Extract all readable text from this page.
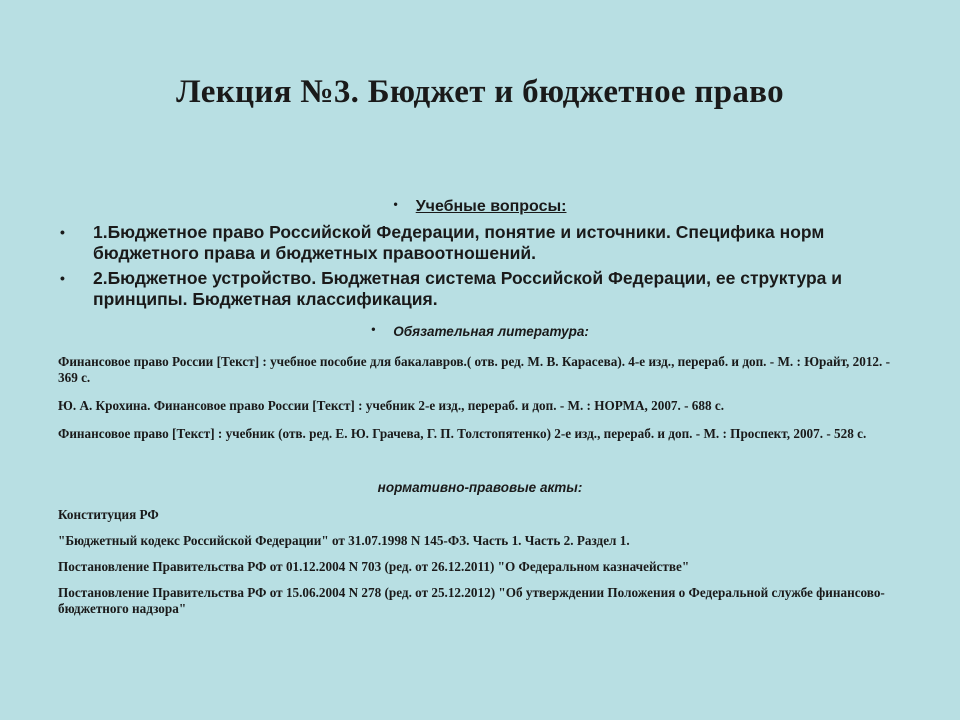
Лекция №3. Бюджет и бюджетное право
• Учебные вопросы:
• 1.Бюджетное право Российской Федерации, понятие и источники. Специфика норм бюджетного права и бюджетных правоотношений.
• 2.Бюджетное устройство. Бюджетная система Российской Федерации, ее структура и принципы. Бюджетная классификация.
• Обязательная литература:

Финансовое право России [Текст] : учебное пособие для бакалавров.( отв. ред. М. В. Карасева). 4-е изд., перераб. и доп. - М. : Юрайт, 2012. - 369 с.

Ю. А. Крохина. Финансовое право России [Текст] : учебник 2-е изд., перераб. и доп. - М. : НОРМА, 2007. - 688 с.

Финансовое право [Текст] : учебник (отв. ред. Е. Ю. Грачева, Г. П. Толстопятенко) 2-е изд., перераб. и доп. - М. : Проспект, 2007. - 528 с.

нормативно-правовые акты:

Конституция РФ

"Бюджетный кодекс Российской Федерации" от 31.07.1998 N 145-ФЗ. Часть 1. Часть 2. Раздел 1.

Постановление Правительства РФ от 01.12.2004 N 703 (ред. от 26.12.2011) "О Федеральном казначействе"

Постановление Правительства РФ от 15.06.2004 N 278 (ред. от 25.12.2012) "Об утверждении Положения о Федеральной службе финансово-бюджетного надзора"
